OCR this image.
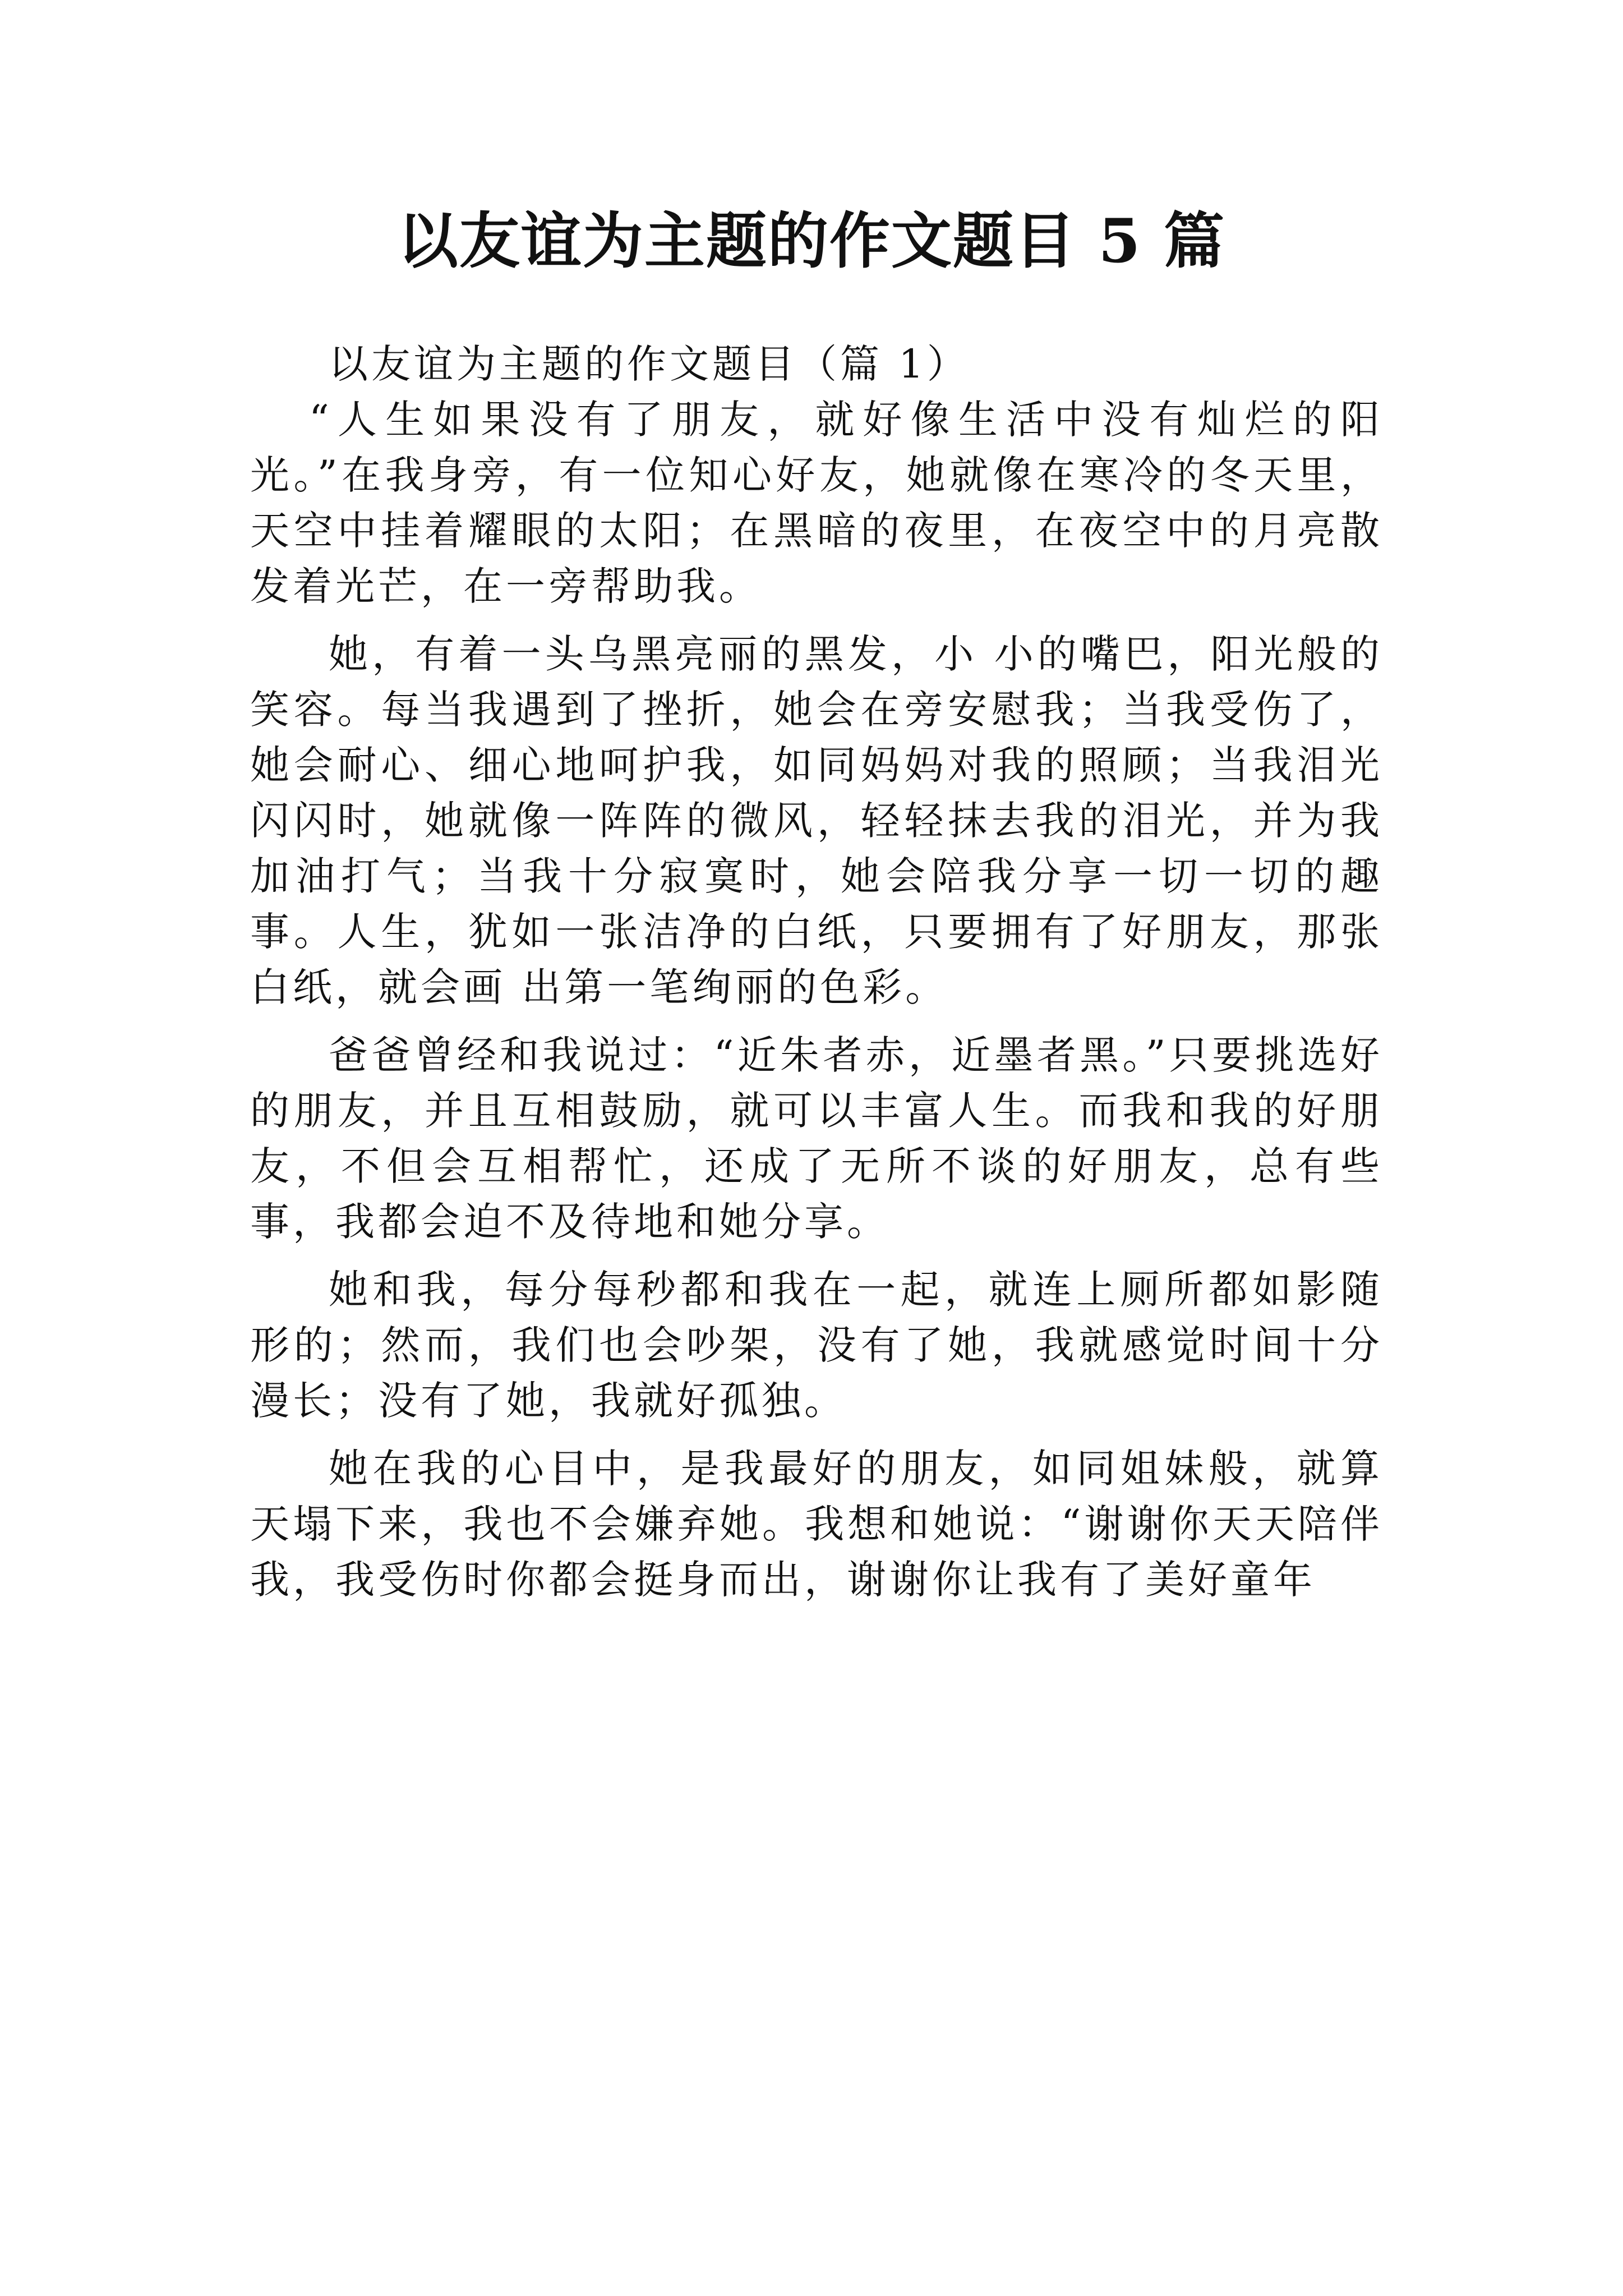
以友谊为主题的作文题目 5 篇

以友谊为主题的作文题目（篇 1）

“人生如果没有了朋友，就好像生活中没有灿烂的阳光。”在我身旁，有一位知心好友，她就像在寒冷的冬天里，天空中挂着耀眼的太阳；在黑暗的夜里，在夜空中的月亮散发着光芒，在一旁帮助我。

她，有着一头乌黑亮丽的黑发，小 小的嘴巴，阳光般的笑容。每当我遇到了挫折，她会在旁安慰我；当我受伤了，她会耐心、细心地呵护我，如同妈妈对我的照顾；当我泪光闪闪时，她就像一阵阵的微风，轻轻抹去我的泪光，并为我加油打气；当我十分寂寞时，她会陪我分享一切一切的趣事。人生，犹如一张洁净的白纸，只要拥有了好朋友，那张白纸，就会画 出第一笔绚丽的色彩。

爸爸曾经和我说过：“近朱者赤，近墨者黑。”只要挑选好的朋友，并且互相鼓励，就可以丰富人生。而我和我的好朋友，不但会互相帮忙，还成了无所不谈的好朋友，总有些事，我都会迫不及待地和她分享。

她和我，每分每秒都和我在一起，就连上厕所都如影随形的；然而，我们也会吵架，没有了她，我就感觉时间十分漫长；没有了她，我就好孤独。

她在我的心目中，是我最好的朋友，如同姐妹般，就算天塌下来，我也不会嫌弃她。我想和她说：“谢谢你天天陪伴我，我受伤时你都会挺身而出，谢谢你让我有了美好童年
